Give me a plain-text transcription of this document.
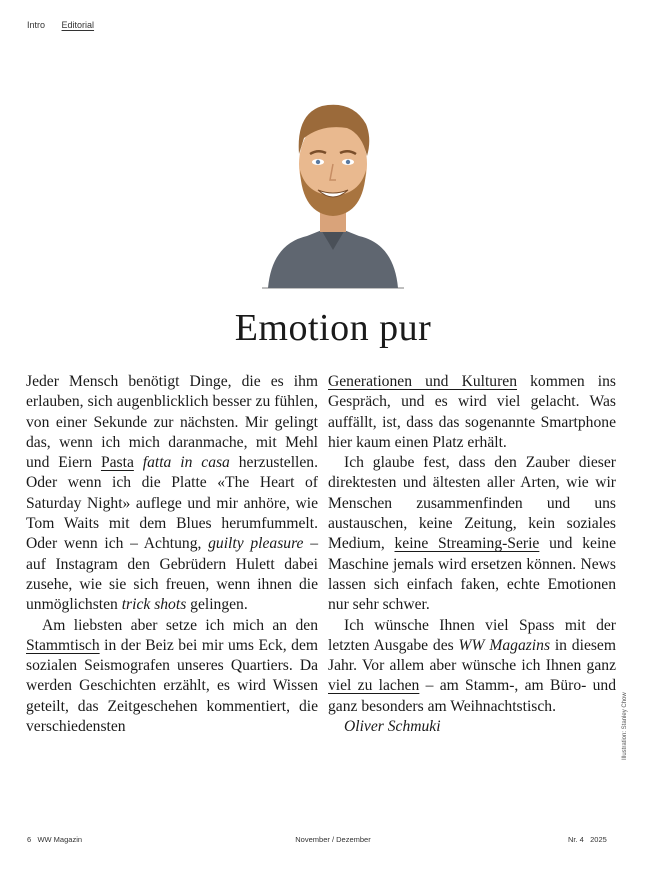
Intro Editorial
Emotion pur

Jeder Mensch benötigt Dinge, die es ihm erlauben, sich augenblicklich besser zu fühlen, von einer Sekunde zur nächsten. Mir gelingt das, wenn ich mich daranmache, mit Mehl und Eiern Pasta fatta in casa herzustellen. Oder wenn ich die Platte «The Heart of Saturday Night» auflege und mir anhöre, wie Tom Waits mit dem Blues herumfummelt. Oder wenn ich – Achtung, guilty pleasure – auf Instagram den Gebrüdern Hulett dabei zusehe, wie sie sich freuen, wenn ihnen die unmöglichsten trick shots gelingen.

Am liebsten aber setze ich mich an den Stammtisch in der Beiz bei mir ums Eck, dem sozialen Seismografen unseres Quartiers. Da werden Geschichten erzählt, es wird Wissen geteilt, das Zeitgeschehen kommentiert, die verschiedensten

Generationen und Kulturen kommen ins Gespräch, und es wird viel gelacht. Was auffällt, ist, dass das sogenannte Smartphone hier kaum einen Platz erhält.

Ich glaube fest, dass den Zauber dieser direktesten und ältesten aller Arten, wie wir Menschen zusammenfinden und uns austauschen, keine Zeitung, kein soziales Medium, keine Streaming-Serie und keine Maschine jemals wird ersetzen können. News lassen sich einfach faken, echte Emotionen nur sehr schwer.

Ich wünsche Ihnen viel Spass mit der letzten Ausgabe des WW Magazins in diesem Jahr. Vor allem aber wünsche ich Ihnen ganz viel zu lachen – am Stamm-, am Büro- und ganz besonders am Weihnachtstisch.

Oliver Schmuki	Illustration: Stanley Chow
6 WW Magazin	November / Dezember	Nr. 4 2025
